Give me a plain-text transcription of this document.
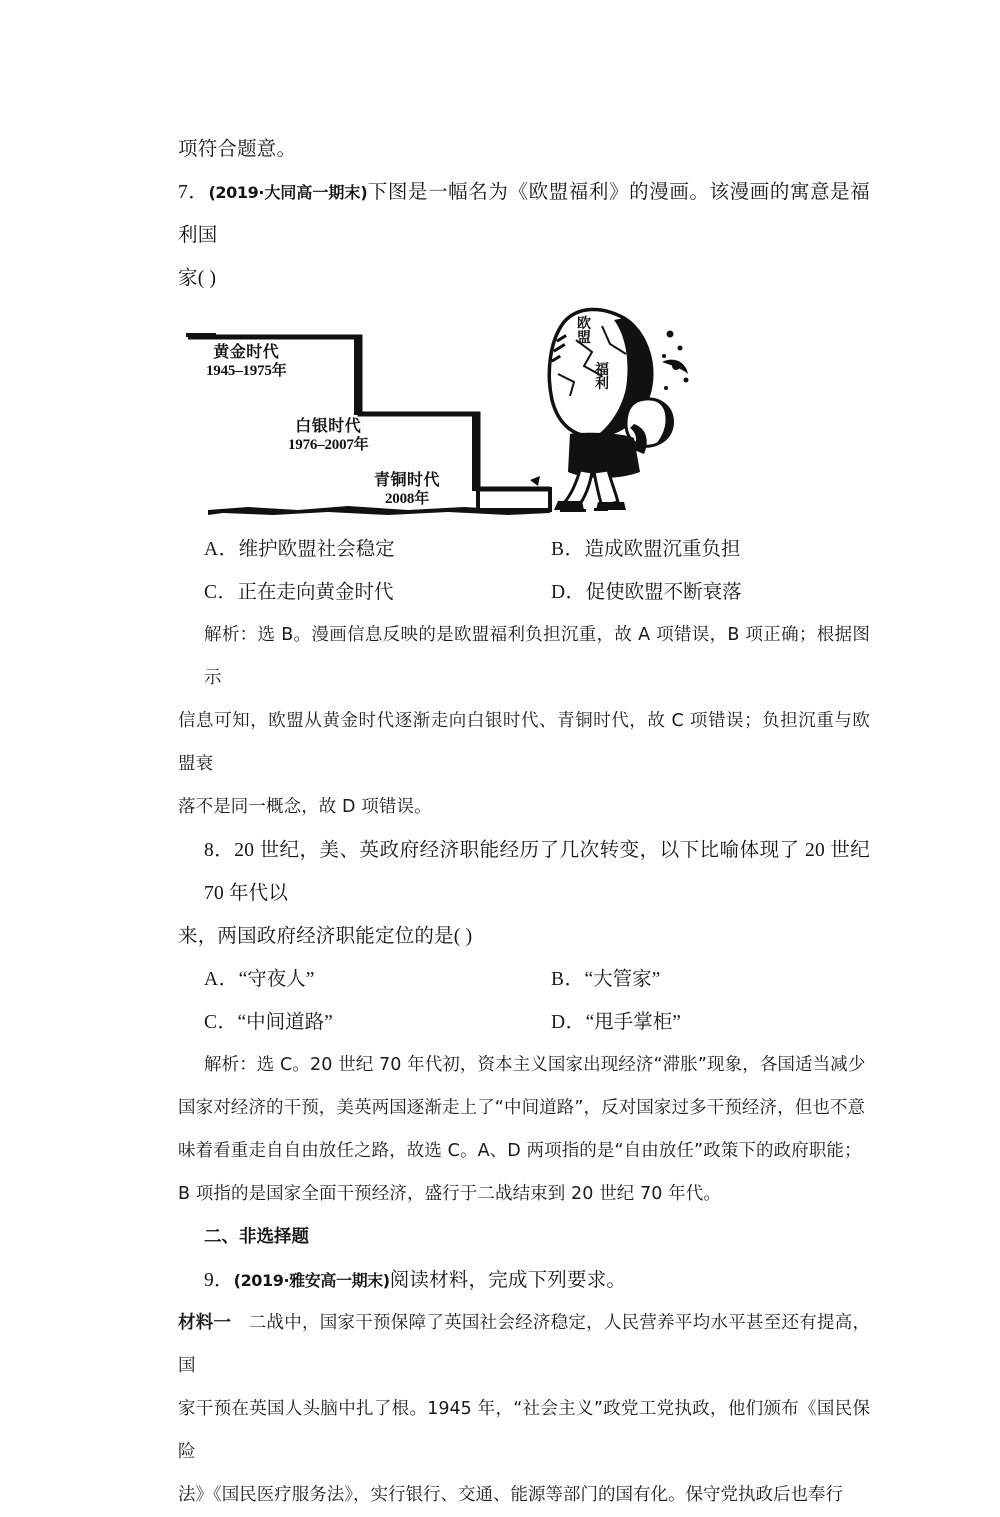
项符合题意。
7．(2019·大同高一期末)下图是一幅名为《欧盟福利》的漫画。该漫画的寓意是福利国
家( )
黄金时代
1945–1975年
白银时代
1976–2007年
青铜时代
2008年
欧盟
福利
A．维护欧盟社会稳定	B．造成欧盟沉重负担
C．正在走向黄金时代	D．促使欧盟不断衰落
解析：选 B。漫画信息反映的是欧盟福利负担沉重，故 A 项错误，B 项正确；根据图示
信息可知，欧盟从黄金时代逐渐走向白银时代、青铜时代，故 C 项错误；负担沉重与欧盟衰
落不是同一概念，故 D 项错误。
8．20 世纪，美、英政府经济职能经历了几次转变，以下比喻体现了 20 世纪 70 年代以
来，两国政府经济职能定位的是( )
A．“守夜人”	B．“大管家”
C．“中间道路”	D．“甩手掌柜”
解析：选 C。20 世纪 70 年代初，资本主义国家出现经济“滞胀”现象，各国适当减少
国家对经济的干预，美英两国逐渐走上了“中间道路”，反对国家过多干预经济，但也不意
味着看重走自自由放任之路，故选 C。A、D 两项指的是“自由放任”政策下的政府职能；
B 项指的是国家全面干预经济，盛行于二战结束到 20 世纪 70 年代。
二、非选择题
9．(2019·雅安高一期末)阅读材料，完成下列要求。
材料一 二战中，国家干预保障了英国社会经济稳定，人民营养平均水平甚至还有提高，国
家干预在英国人头脑中扎了根。1945 年，“社会主义”政党工党执政，他们颁布《国民保险
法》《国民医疗服务法》，实行银行、交通、能源等部门的国有化。保守党执政后也奉行
